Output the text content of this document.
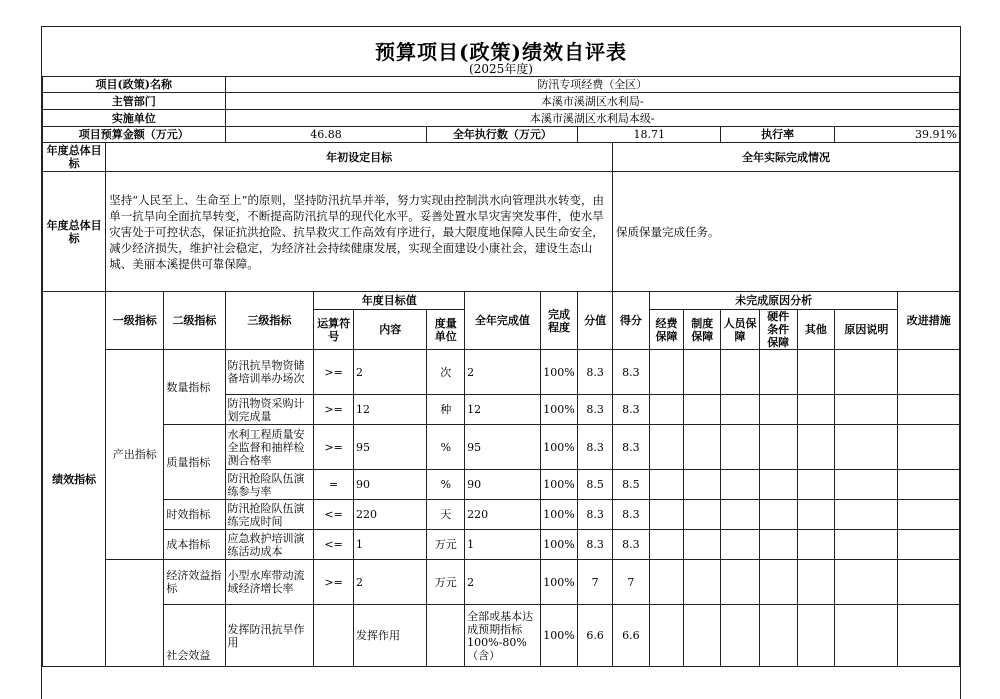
预算项目(政策)绩效自评表
(2025年度)
项目(政策)名称			防汛专项经费（全区）														
主管部门			本溪市溪湖区水利局-														
实施单位			本溪市溪湖区水利局本级-														
项目预算金额（万元）			46.88			全年执行数（万元）			18.71				执行率			39.91%	
年度总体目标	年初设定目标									全年实际完成情况							
年度总体目标	坚持“人民至上、生命至上”的原则，坚持防汛抗旱并举，努力实现由控制洪水向管理洪水转变，由单一抗旱向全面抗旱转变，不断提高防汛抗旱的现代化水平。妥善处置水旱灾害突发事件，使水旱灾害处于可控状态，保证抗洪抢险、抗旱救灾工作高效有序进行，最大限度地保障人民生命安全，减少经济损失，维护社会稳定，为经济社会持续健康发展，实现全面建设小康社会，建设生态山城、美丽本溪提供可靠保障。									保质保量完成任务。							
绩效指标	一级指标	二级指标	三级指标	年度目标值			全年完成值	完成程度	分值	得分	未完成原因分析						改进措施
				运算符号	内容	度量单位					经费保障	制度保障	人员保障	硬件条件保障	其他	原因说明	

	产出指标	数量指标	防汛抗旱物资储备培训举办场次	>=	2	次	2	100%	8.3	8.3							
			防汛物资采购计划完成量	>=	12	种	12	100%	8.3	8.3							
		质量指标	水利工程质量安全监督和抽样检测合格率	>=	95	%	95	100%	8.3	8.3							
			防汛抢险队伍演练参与率	=	90	%	90	100%	8.5	8.5							
		时效指标	防汛抢险队伍演练完成时间	<=	220	天	220	100%	8.3	8.3							
		成本指标	应急救护培训演练活动成本	<=	1	万元	1	100%	8.3	8.3							
		经济效益指标	小型水库带动流域经济增长率	>=	2	万元	2	100%	7	7							
		社会效益	发挥防汛抗旱作用		发挥作用		全部或基本达成预期指标100%-80%（含）	100%	6.6	6.6							
